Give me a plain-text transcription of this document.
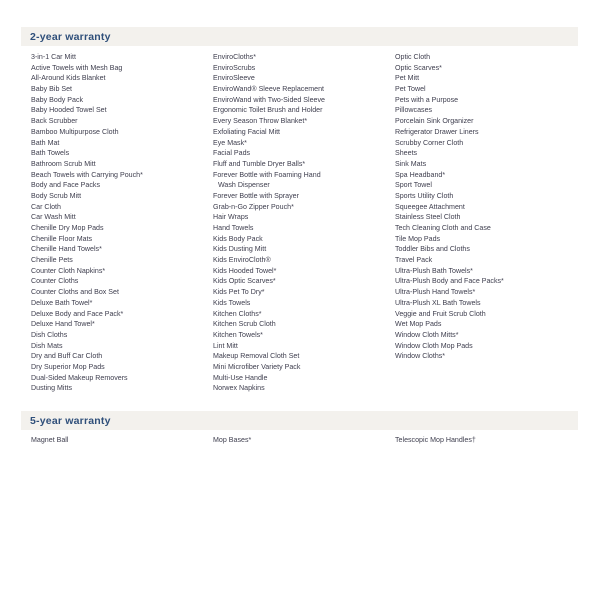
2-year warranty
3-in-1 Car Mitt
Active Towels with Mesh Bag
All-Around Kids Blanket
Baby Bib Set
Baby Body Pack
Baby Hooded Towel Set
Back Scrubber
Bamboo Multipurpose Cloth
Bath Mat
Bath Towels
Bathroom Scrub Mitt
Beach Towels with Carrying Pouch*
Body and Face Packs
Body Scrub Mitt
Car Cloth
Car Wash Mitt
Chenille Dry Mop Pads
Chenille Floor Mats
Chenille Hand Towels*
Chenille Pets
Counter Cloth Napkins*
Counter Cloths
Counter Cloths and Box Set
Deluxe Bath Towel*
Deluxe Body and Face Pack*
Deluxe Hand Towel*
Dish Cloths
Dish Mats
Dry and Buff Car Cloth
Dry Superior Mop Pads
Dual-Sided Makeup Removers
Dusting Mitts
EnviroCloths*
EnviroScrubs
EnviroSleeve
EnviroWand® Sleeve Replacement
EnviroWand with Two-Sided Sleeve
Ergonomic Toilet Brush and Holder
Every Season Throw Blanket*
Exfoliating Facial Mitt
Eye Mask*
Facial Pads
Fluff and Tumble Dryer Balls*
Forever Bottle with Foaming Hand
Wash Dispenser
Forever Bottle with Sprayer
Grab-n-Go Zipper Pouch*
Hair Wraps
Hand Towels
Kids Body Pack
Kids Dusting Mitt
Kids EnviroCloth®
Kids Hooded Towel*
Kids Optic Scarves*
Kids Pet To Dry*
Kids Towels
Kitchen Cloths*
Kitchen Scrub Cloth
Kitchen Towels*
Lint Mitt
Makeup Removal Cloth Set
Mini Microfiber Variety Pack
Multi-Use Handle
Norwex Napkins
Optic Cloth
Optic Scarves*
Pet Mitt
Pet Towel
Pets with a Purpose
Pillowcases
Porcelain Sink Organizer
Refrigerator Drawer Liners
Scrubby Corner Cloth
Sheets
Sink Mats
Spa Headband*
Sport Towel
Sports Utility Cloth
Squeegee Attachment
Stainless Steel Cloth
Tech Cleaning Cloth and Case
Tile Mop Pads
Toddler Bibs and Cloths
Travel Pack
Ultra-Plush Bath Towels*
Ultra-Plush Body and Face Packs*
Ultra-Plush Hand Towels*
Ultra-Plush XL Bath Towels
Veggie and Fruit Scrub Cloth
Wet Mop Pads
Window Cloth Mitts*
Window Cloth Mop Pads
Window Cloths*
5-year warranty
Magnet Ball	Mop Bases*	Telescopic Mop Handles†
